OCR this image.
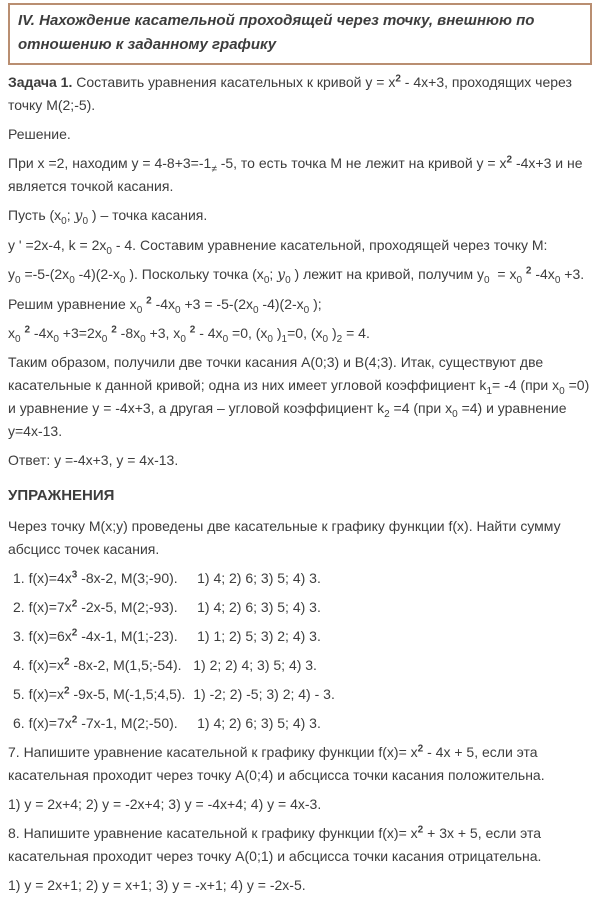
IV. Нахождение касательной проходящей через точку, внешнюю по отношению к заданному графику

Задача 1. Составить уравнения касательных к кривой $y = x^2 - 4x+3$, проходящих через точку M(2;-5).

Решение.

При x =2, находим $y = 4-8+3=-1_\ne$ -5, то есть точка M не лежит на кривой $y = x^2$ -4x+3 и не является точкой касания.

Пусть ($x_0$; $y_0$ ) – точка касания.

y ' =2x-4, $k = 2x_0 - 4$. Составим уравнение касательной, проходящей через точку M:

$y_0 =-5-(2x_0$ $-4)(2-x_0$ ). Поскольку точка ($x_0$; $y_0$ ) лежит на кривой, получим $y_0 = x_0$ $^2$ $-4x_0 +3$.

Решим уравнение $x_0$ $^2$ $-4x_0 +3 = -5-(2x_0$ $-4)(2-x_0$ );

$x_0$ $^2$ $-4x_0 +3=2x_0$ $^2$ $-8x_0 +3$, $x_0$ $^2 - 4x_0 =0$, ($x_0$ )$_1=0$, ($x_0$ )$_2 = 4$.

Таким образом, получили две точки касания A(0;3) и B(4;3). Итак, существуют две касательные к данной кривой; одна из них имеет угловой коэффициент $k_1= -4$ (при $x_0 =0$) и уравнение y = -4x+3, а другая – угловой коэффициент $k_2 =4$ (при $x_0 =4$) и уравнение y=4x-13.

Ответ: y =-4x+3, y = 4x-13.

УПРАЖНЕНИЯ

Через точку M(x;y) проведены две касательные к графику функции f(x). Найти сумму абсцисс точек касания.

1. $f(x)=4x^3$ -8x-2, M(3;-90).     1) 4; 2) 6; 3) 5; 4) 3.

2. $f(x)=7x^2$ -2x-5, M(2;-93).     1) 4; 2) 6; 3) 5; 4) 3.

3. $f(x)=6x^2$ -4x-1, M(1;-23).     1) 1; 2) 5; 3) 2; 4) 3.

4. $f(x)=x^2$ -8x-2, M(1,5;-54).   1) 2; 2) 4; 3) 5; 4) 3.

5. $f(x)=x^2$ -9x-5, M(-1,5;4,5).  1) -2; 2) -5; 3) 2; 4) - 3.

6. $f(x)=7x^2$ -7x-1, M(2;-50).     1) 4; 2) 6; 3) 5; 4) 3.

7. Напишите уравнение касательной к графику функции $f(x)= x^2 - 4x + 5$, если эта касательная проходит через точку A(0;4) и абсцисса точки касания положительна.

1) y = 2x+4; 2) y = -2x+4; 3) y = -4x+4; 4) y = 4x-3.

8. Напишите уравнение касательной к графику функции $f(x)= x^2 + 3x + 5$, если эта касательная проходит через точку A(0;1) и абсцисса точки касания отрицательна.

1) y = 2x+1; 2) y = x+1; 3) y = -x+1; 4) y = -2x-5.
